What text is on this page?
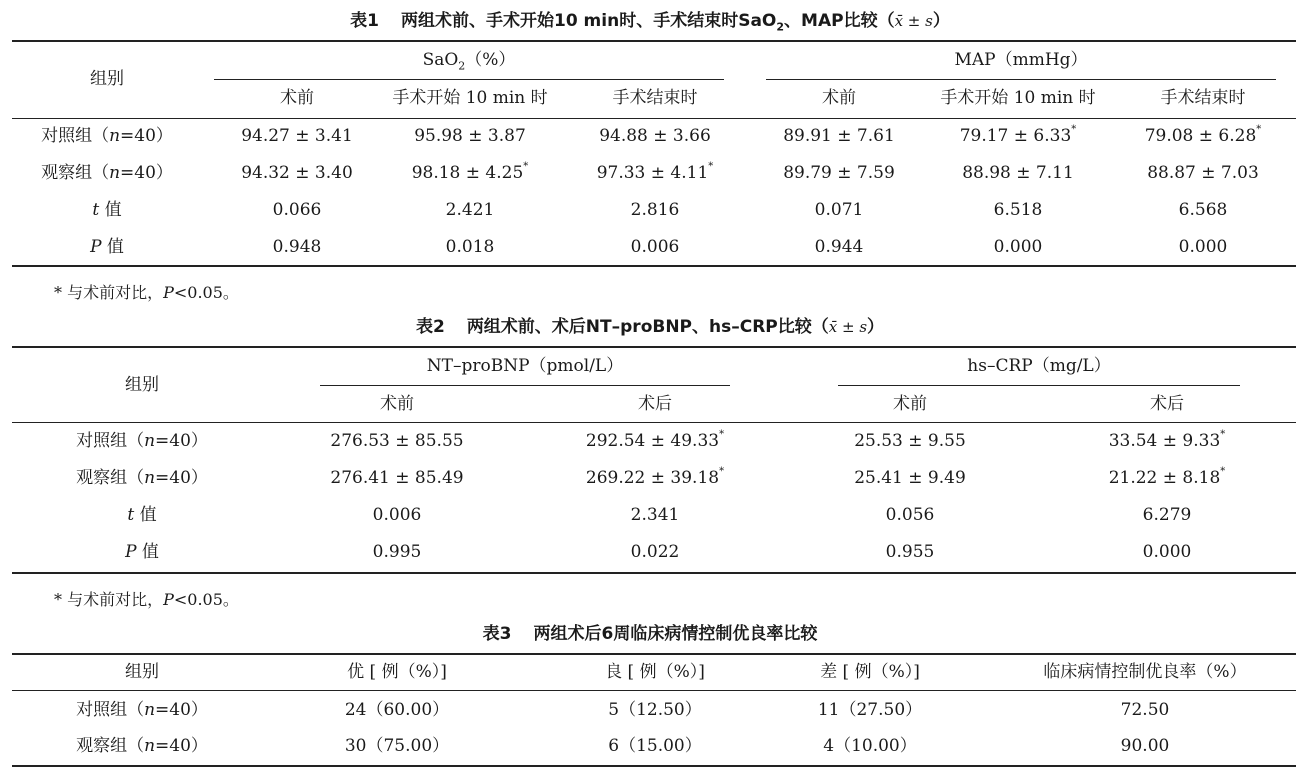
表1 两组术前、手术开始10 min时、手术结束时SaO$_2$、MAP比较（x̄ ± s）
组别
SaO$_2$（%）	MAP（mmHg）
术前	手术开始 10 min 时	手术结束时	术前	手术开始 10 min 时	手术结束时
对照组（n=40）	94.27 ± 3.41	95.98 ± 3.87	94.88 ± 3.66	89.91 ± 7.61	79.17 ± 6.33*	79.08 ± 6.28*
观察组（n=40）	94.32 ± 3.40	98.18 ± 4.25*	97.33 ± 4.11*	89.79 ± 7.59	88.98 ± 7.11	88.87 ± 7.03
t 值	0.066	2.421	2.816	0.071	6.518	6.568
P 值	0.948	0.018	0.006	0.944	0.000	0.000
* 与术前对比，P<0.05。
表2 两组术前、术后NT–proBNP、hs–CRP比较（x̄ ± s）
组别
NT–proBNP（pmol/L）	hs–CRP（mg/L）
术前	术后	术前	术后
对照组（n=40）	276.53 ± 85.55	292.54 ± 49.33*	25.53 ± 9.55	33.54 ± 9.33*
观察组（n=40）	276.41 ± 85.49	269.22 ± 39.18*	25.41 ± 9.49	21.22 ± 8.18*
t 值	0.006	2.341	0.056	6.279
P 值	0.995	0.022	0.955	0.000
* 与术前对比，P<0.05。
表3 两组术后6周临床病情控制优良率比较
组别	优 [ 例（%）]	良 [ 例（%）]	差 [ 例（%）]	临床病情控制优良率（%）
对照组（n=40）	24（60.00）	5（12.50）	11（27.50）	72.50
观察组（n=40）	30（75.00）	6（15.00）	4（10.00）	90.00
